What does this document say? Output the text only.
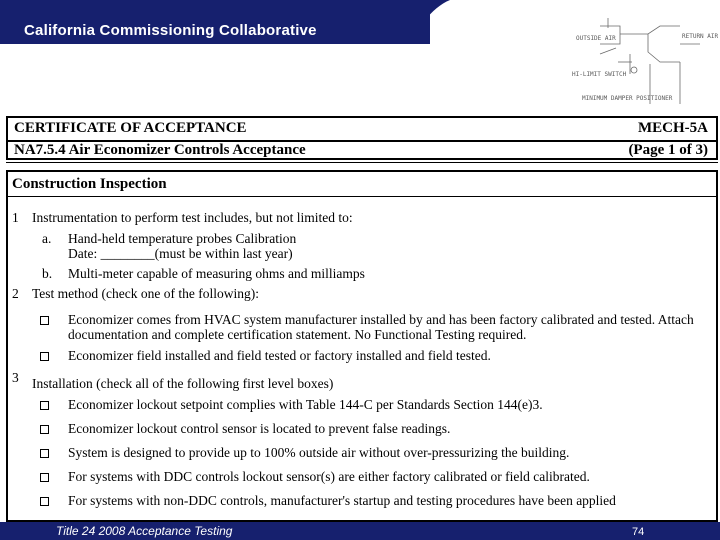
California Commissioning Collaborative	OUTSIDE AIR	RETURN AIR
HI-LIMIT SWITCH
MINIMUM DAMPER POSITIONER
CERTIFICATE OF ACCEPTANCE	MECH-5A
NA7.5.4 Air Economizer Controls Acceptance	(Page 1 of 3)
Construction Inspection
1 Instrumentation to perform test includes, but not limited to:
a. Hand-held temperature probes Calibration
Date: ________(must be within last year)
b. Multi-meter capable of measuring ohms and milliamps
2 Test method (check one of the following):
Economizer comes from HVAC system manufacturer installed by and has been factory calibrated and tested. Attach
documentation and complete certification statement. No Functional Testing required.
Economizer field installed and field tested or factory installed and field tested.
3 Installation (check all of the following first level boxes)
Economizer lockout setpoint complies with Table 144-C per Standards Section 144(e)3.
Economizer lockout control sensor is located to prevent false readings.
System is designed to provide up to 100% outside air without over-pressurizing the building.
For systems with DDC controls lockout sensor(s) are either factory calibrated or field calibrated.
For systems with non-DDC controls, manufacturer's startup and testing procedures have been applied
Title 24 2008 Acceptance Testing	74
